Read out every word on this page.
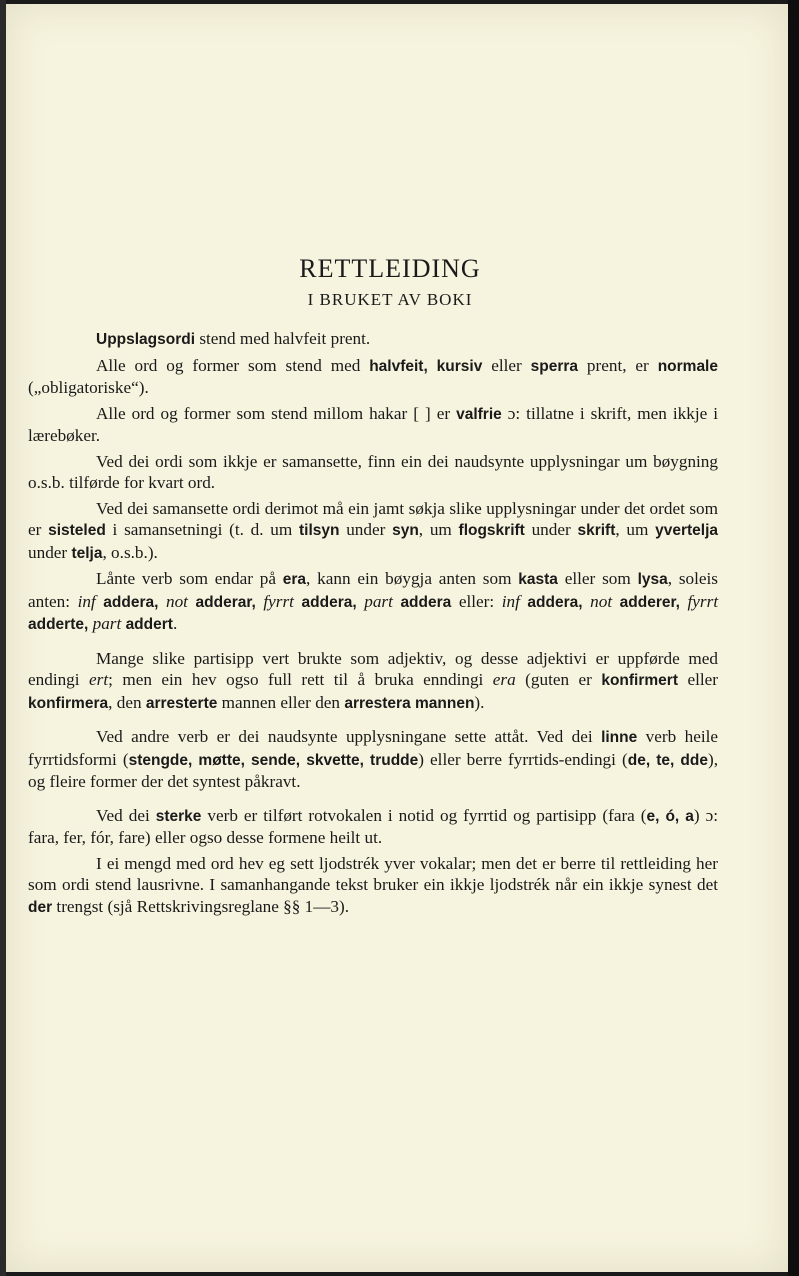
RETTLEIDING
I BRUKET AV BOKI

Uppslagsordi stend med halvfeit prent.

Alle ord og former som stend med halvfeit, kursiv eller sperra prent, er normale („obligatoriske“).

Alle ord og former som stend millom hakar [ ] er valfrie ɔ: tillatne i skrift, men ikkje i lærebøker.

Ved dei ordi som ikkje er samansette, finn ein dei naudsynte upplysningar um bøygning o.s.b. tilførde for kvart ord.

Ved dei samansette ordi derimot må ein jamt søkja slike upplysningar under det ordet som er sisteled i samansetningi (t. d. um tilsyn under syn, um flogskrift under skrift, um yvertelja under telja, o.s.b.).

Lånte verb som endar på era, kann ein bøygja anten som kasta eller som lysa, soleis anten: inf addera, not adderar, fyrrt addera, part addera eller: inf addera, not adderer, fyrrt adderte, part addert.

Mange slike partisipp vert brukte som adjektiv, og desse adjektivi er uppførde med endingi ert; men ein hev ogso full rett til å bruka enndingi era (guten er konfirmert eller konfirmera, den arresterte mannen eller den arrestera mannen).

Ved andre verb er dei naudsynte upplysningane sette attåt. Ved dei linne verb heile fyrrtidsformi (stengde, møtte, sende, skvette, trudde) eller berre fyrrtids-endingi (de, te, dde), og fleire former der det syntest påkravt.

Ved dei sterke verb er tilført rotvokalen i notid og fyrrtid og partisipp (fara (e, ó, a) ɔ: fara, fer, fór, fare) eller ogso desse formene heilt ut.

I ei mengd med ord hev eg sett ljodstrék yver vokalar; men det er berre til rettleiding her som ordi stend lausrivne. I samanhangande tekst bruker ein ikkje ljodstrék når ein ikkje synest det der trengst (sjå Rettskrivingsreglane §§ 1—3).
